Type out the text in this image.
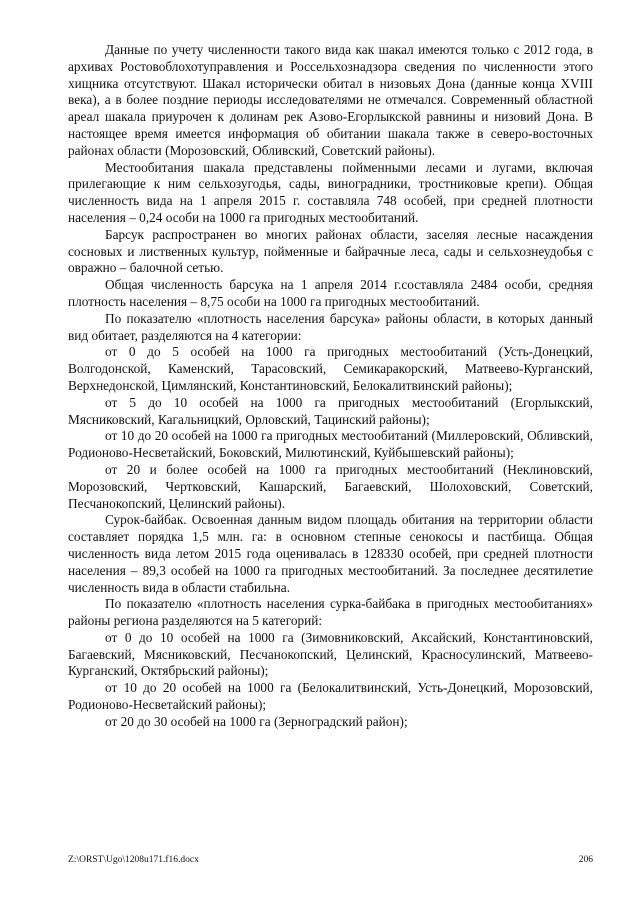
Данные по учету численности такого вида как шакал имеются только с 2012 года, в архивах Ростовоблохотуправления и Россельхознадзора сведения по численности этого хищника отсутствуют. Шакал исторически обитал в низовьях Дона (данные конца XVIII века), а в более поздние периоды исследователями не отмечался. Современный областной ареал шакала приурочен к долинам рек Азово-Егорлыкской равнины и низовий Дона. В настоящее время имеется информация об обитании шакала также в северо-восточных районах области (Морозовский, Обливский, Советский районы).

Местообитания шакала представлены пойменными лесами и лугами, включая прилегающие к ним сельхозугодья, сады, виноградники, тростниковые крепи). Общая численность вида на 1 апреля 2015 г. составляла 748 особей, при средней плотности населения – 0,24 особи на 1000 га пригодных местообитаний.

Барсук распространен во многих районах области, заселяя лесные насаждения сосновых и лиственных культур, пойменные и байрачные леса, сады и сельхознеудобья с овражно – балочной сетью.

Общая численность барсука на 1 апреля 2014 г.составляла 2484 особи, средняя плотность населения – 8,75 особи на 1000 га пригодных местообитаний.

По показателю «плотность населения барсука» районы области, в которых данный вид обитает, разделяются на 4 категории:

от 0 до 5 особей на 1000 га пригодных местообитаний (Усть-Донецкий, Волгодонской, Каменский, Тарасовский, Семикаракорский, Матвеево-Курганский, Верхнедонской, Цимлянский, Константиновский, Белокалитвинский районы);

от 5 до 10 особей на 1000 га пригодных местообитаний (Егорлыкский, Мясниковский, Кагальницкий, Орловский, Тацинский районы);

от 10 до 20 особей на 1000 га пригодных местообитаний (Миллеровский, Обливский, Родионово-Несветайский, Боковский, Милютинский, Куйбышевский районы);

от 20 и более особей на 1000 га пригодных местообитаний (Неклиновский, Морозовский, Чертковский, Кашарский, Багаевский, Шолоховский, Советский, Песчанокопский, Целинский районы).

Сурок-байбак. Освоенная данным видом площадь обитания на территории области составляет порядка 1,5 млн. га: в основном степные сенокосы и пастбища. Общая численность вида летом 2015 года оценивалась в 128330 особей, при средней плотности населения – 89,3 особей на 1000 га пригодных местообитаний. За последнее десятилетие численность вида в области стабильна.

По показателю «плотность населения сурка-байбака в пригодных местообитаниях» районы региона разделяются на 5 категорий:

от 0 до 10 особей на 1000 га (Зимовниковский, Аксайский, Константиновский, Багаевский, Мясниковский, Песчанокопский, Целинский, Красносулинский, Матвеево-Курганский, Октябрьский районы);

от 10 до 20 особей на 1000 га (Белокалитвинский, Усть-Донецкий, Морозовский, Родионово-Несветайский районы);

от 20 до 30 особей на 1000 га (Зерноградский район);

Z:\ORST\Ugo\1208u171.f16.docx	206
